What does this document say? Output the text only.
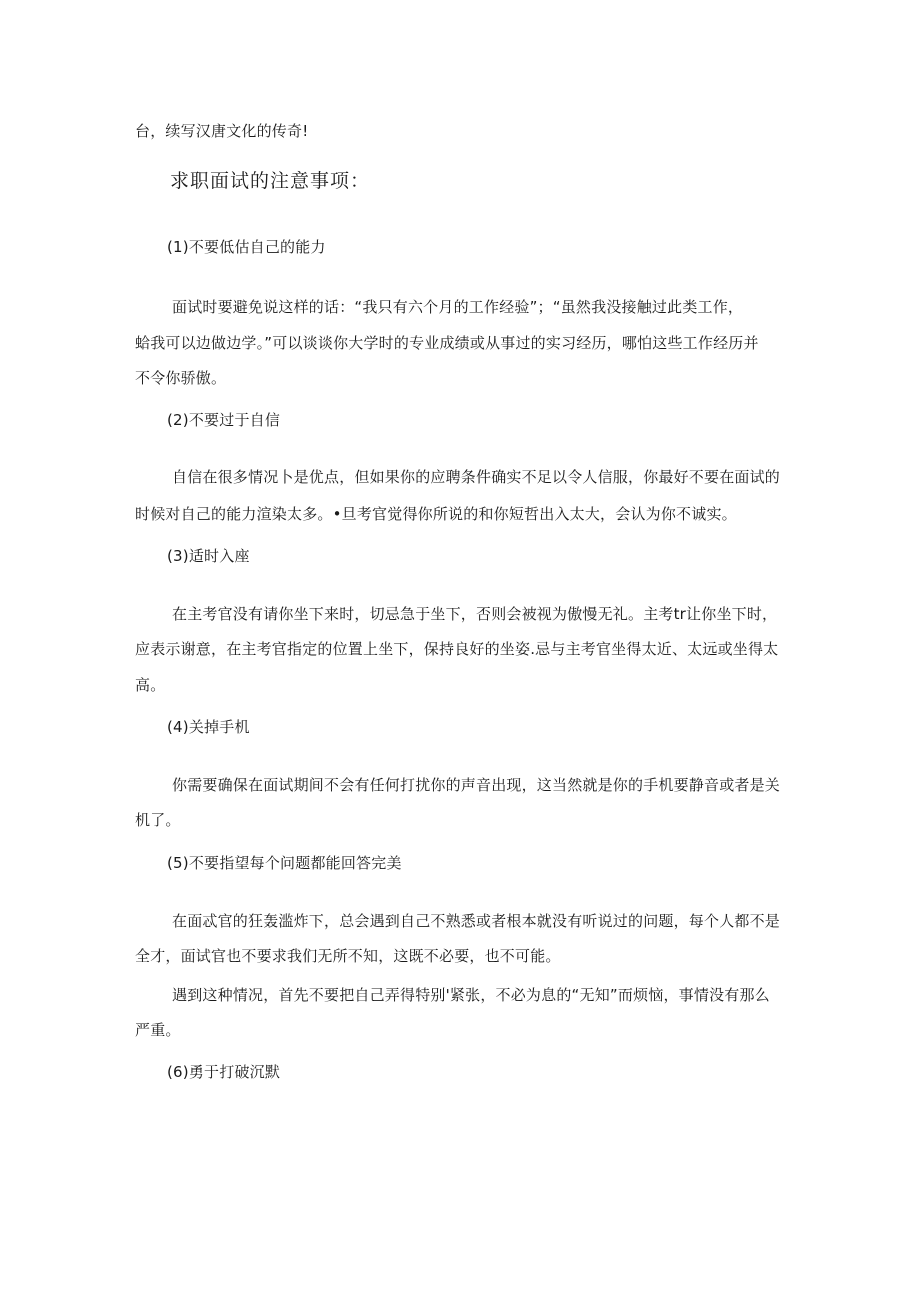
台，续写汉唐文化的传奇!
求职面试的注意事项：
(1)不要低估自己的能力
面试时要避免说这样的话：“我只有六个月的工作经验”；“虽然我没接触过此类工作，
蛤我可以边做边学。”可以谈谈你大学时的专业成绩或从事过的实习经历，哪怕这些工作经历并
不令你骄傲。
(2)不要过于自信
自信在很多情况卜是优点，但如果你的应聘条件确实不足以令人信服，你最好不要在面试的
时候对自己的能力渲染太多。•旦考官觉得你所说的和你短哲出入太大，会认为你不诚实。
(3)适时入座
在主考官没有请你坐下来时，切忌急于坐下，否则会被视为傲慢无礼。主考tr让你坐下时，
应表示谢意，在主考官指定的位置上坐下，保持良好的坐姿.忌与主考官坐得太近、太远或坐得太
高。
(4)关掉手机
你需要确保在面试期间不会有任何打扰你的声音出现，这当然就是你的手机要静音或者是关
机了。
(5)不要指望每个问题都能回答完美
在面忒官的狂轰滥炸下，总会遇到自己不熟悉或者根本就没有听说过的问题，每个人都不是
全才，面试官也不要求我们无所不知，这既不必要，也不可能。
遇到这种情况，首先不要把自己弄得特别'紧张，不必为息的“无知”而烦恼，事情没有那么
严重。
(6)勇于打破沉默
